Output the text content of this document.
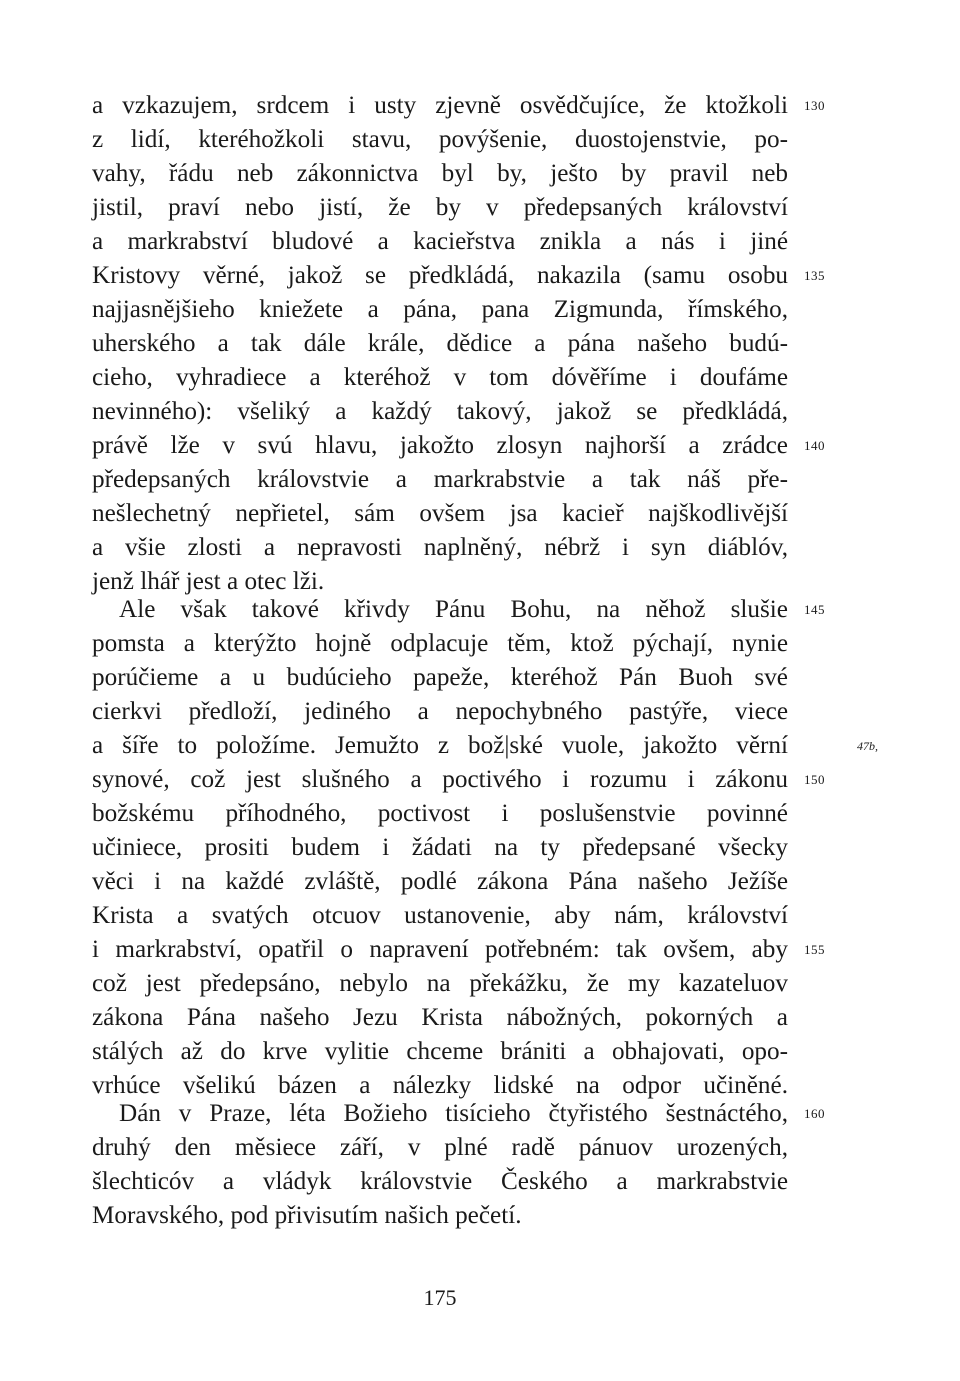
a vzkazujem, srdcem i usty zjevně osvědčujíce, že ktožkoli
z lidí, kteréhožkoli stavu, povýšenie, duostojenstvie, po-
vahy, řádu neb zákonnictva byl by, ješto by pravil neb
jistil, praví nebo jistí, že by v předepsaných království
a markrabství bludové a kacieřstva znikla a nás i jiné
Kristovy věrné, jakož se předkládá, nakazila (samu osobu
najjasnějšieho kniežete a pána, pana Zigmunda, římského,
uherského a tak dále krále, dědice a pána našeho budú-
cieho, vyhradiece a kteréhož v tom dóvěříme i doufáme
nevinného): všeliký a každý takový, jakož se předkládá,
právě lže v svú hlavu, jakožto zlosyn najhorší a zrádce
předepsaných královstvie a markrabstvie a tak náš pře-
nešlechetný nepřietel, sám ovšem jsa kacieř najškodlivější
a všie zlosti a nepravosti naplněný, nébrž i syn diáblóv,
jenž lhář jest a otec lži.
Ale však takové křivdy Pánu Bohu, na něhož slušie
pomsta a kterýžto hojně odplacuje těm, ktož pýchají, nynie
porúčieme a u budúcieho papeže, kteréhož Pán Buoh své
cierkvi předloží, jediného a nepochybného pastýře, viece
a šíře to položíme. Jemužto z bož|ské vuole, jakožto věrní
synové, což jest slušného a poctivého i rozumu i zákonu
božskému příhodného, poctivost i poslušenstvie povinné
učiniece, prositi budem i žádati na ty předepsané všecky
věci i na každé zvláště, podlé zákona Pána našeho Ježíše
Krista a svatých otcuov ustanovenie, aby nám, království
i markrabství, opatřil o napravení potřebném: tak ovšem, aby
což jest předepsáno, nebylo na překážku, že my kazateluov
zákona Pána našeho Jezu Krista nábožných, pokorných a
stálých až do krve vylitie chceme brániti a obhajovati, opo-
vrhúce všelikú bázen a nálezky lidské na odpor učiněné.
Dán v Praze, léta Božieho tisícieho čtyřistého šestnáctého,
druhý den měsiece září, v plné radě pánuov urozených,
šlechticóv a vládyk královstvie Českého a markrabstvie
Moravského, pod přivisutím našich pečetí.
130
135
140
145
150
155
160
47b,
175
